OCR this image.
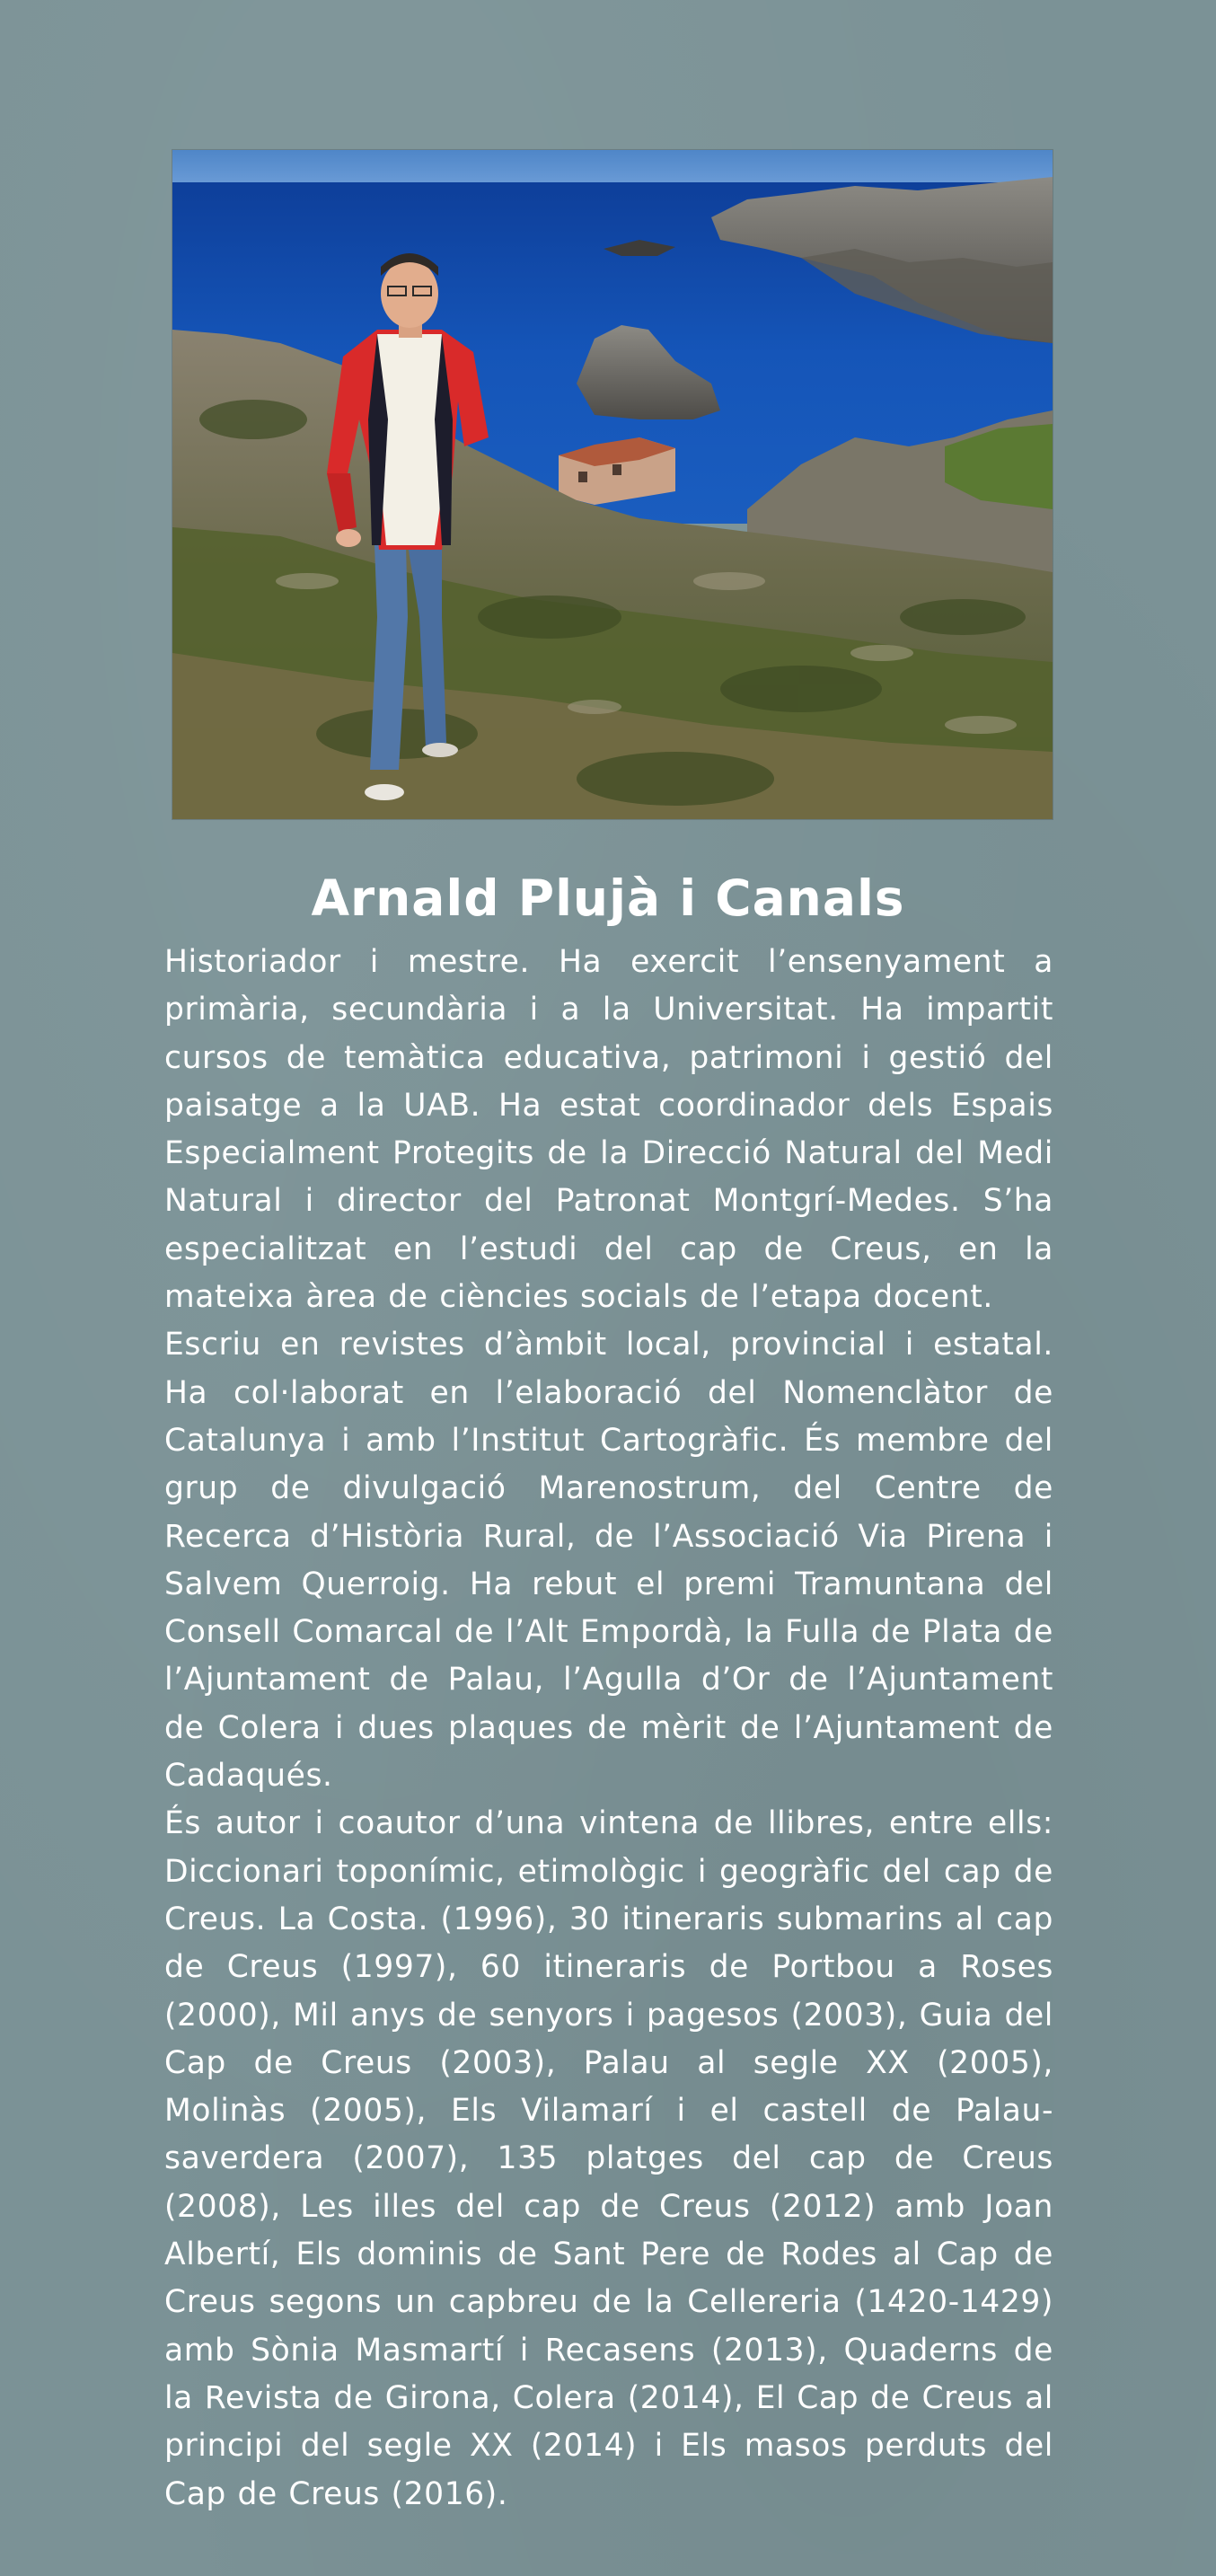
Arnald Plujà i Canals

Historiador i mestre. Ha exercit l’ensenyament a primària, secundària i a la Universitat. Ha impartit cursos de temàtica educativa, patrimoni i gestió del paisatge a la UAB. Ha estat coordinador dels Espais Especialment Protegits de la Direcció Natural del Medi Natural i director del Patronat Montgrí-Medes. S’ha especialitzat en l’estudi del cap de Creus, en la mateixa àrea de ciències socials de l’etapa docent.

Escriu en revistes d’àmbit local, provincial i estatal. Ha col·laborat en l’elaboració del Nomenclàtor de Catalunya i amb l’Institut Cartogràfic. És membre del grup de divulgació Marenostrum, del Centre de Recerca d’Història Rural, de l’Associació Via Pirena i Salvem Querroig. Ha rebut el premi Tramuntana del Consell Comarcal de l’Alt Empordà, la Fulla de Plata de l’Ajuntament de Palau, l’Agulla d’Or de l’Ajuntament de Colera i dues plaques de mèrit de l’Ajuntament de Cadaqués.

És autor i coautor d’una vintena de llibres, entre ells: Diccionari toponímic, etimològic i geogràfic del cap de Creus. La Costa. (1996), 30 itineraris submarins al cap de Creus (1997), 60 itineraris de Portbou a Roses (2000), Mil anys de senyors i pagesos (2003), Guia del Cap de Creus (2003), Palau al segle XX (2005), Molinàs (2005), Els Vilamarí i el castell de Palau-saverdera (2007), 135 platges del cap de Creus (2008), Les illes del cap de Creus (2012) amb Joan Albertí, Els dominis de Sant Pere de Rodes al Cap de Creus segons un capbreu de la Cellereria (1420-1429) amb Sònia Masmartí i Recasens (2013), Quaderns de la Revista de Girona, Colera (2014), El Cap de Creus al principi del segle XX (2014) i Els masos perduts del Cap de Creus (2016).
